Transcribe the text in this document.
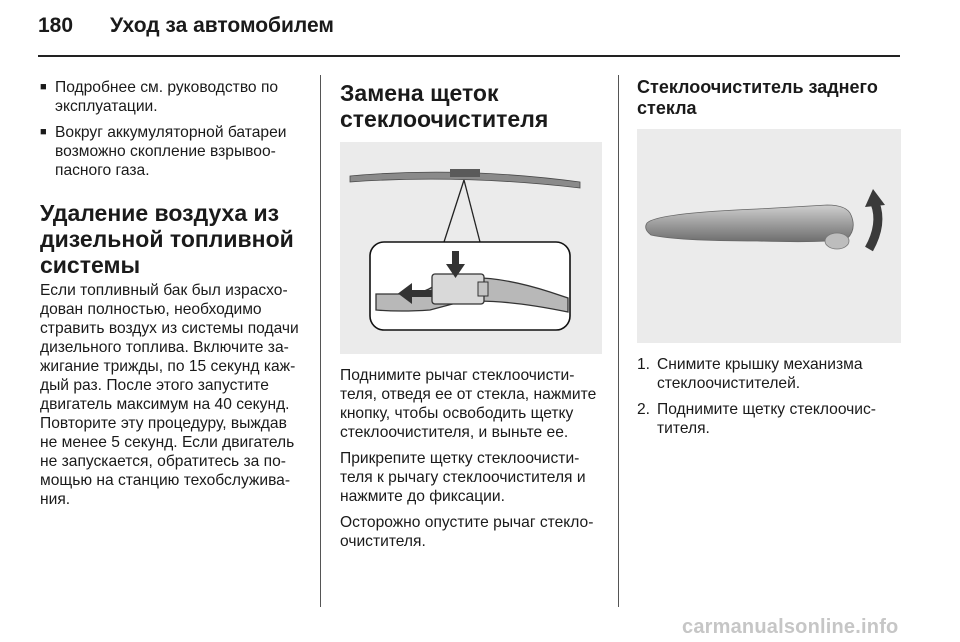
180 Уход за автомобилем
■ Подробнее см. руководство по

эксплуатации.

■ Вокруг аккумуляторной батареи

возможно скопление взрывоо-

пасного газа.

Удаление воздуха из
дизельной топливной
системы

Если топливный бак был израсхо-

дован полностью, необходимо

стравить воздух из системы подачи

дизельного топлива. Включите за-

жигание трижды, по 15 секунд каж-

дый раз. После этого запустите

двигатель максимум на 40 секунд.

Повторите эту процедуру, выждав

не менее 5 секунд. Если двигатель

не запускается, обратитесь за по-

мощью на станцию техобслужива-

ния.

Замена щеток
стеклоочистителя

Поднимите рычаг стеклоочисти-

теля, отведя ее от стекла, нажмите

кнопку, чтобы освободить щетку

стеклоочистителя, и выньте ее.

Прикрепите щетку стеклоочисти-

теля к рычагу стеклоочистителя и

нажмите до фиксации.

Осторожно опустите рычаг стекло-

очистителя.

Стеклоочиститель заднего
стекла
1. Снимите крышку механизма

стеклоочистителей.

2. Поднимите щетку стеклоочис-

тителя.

carmanualsonline.info
